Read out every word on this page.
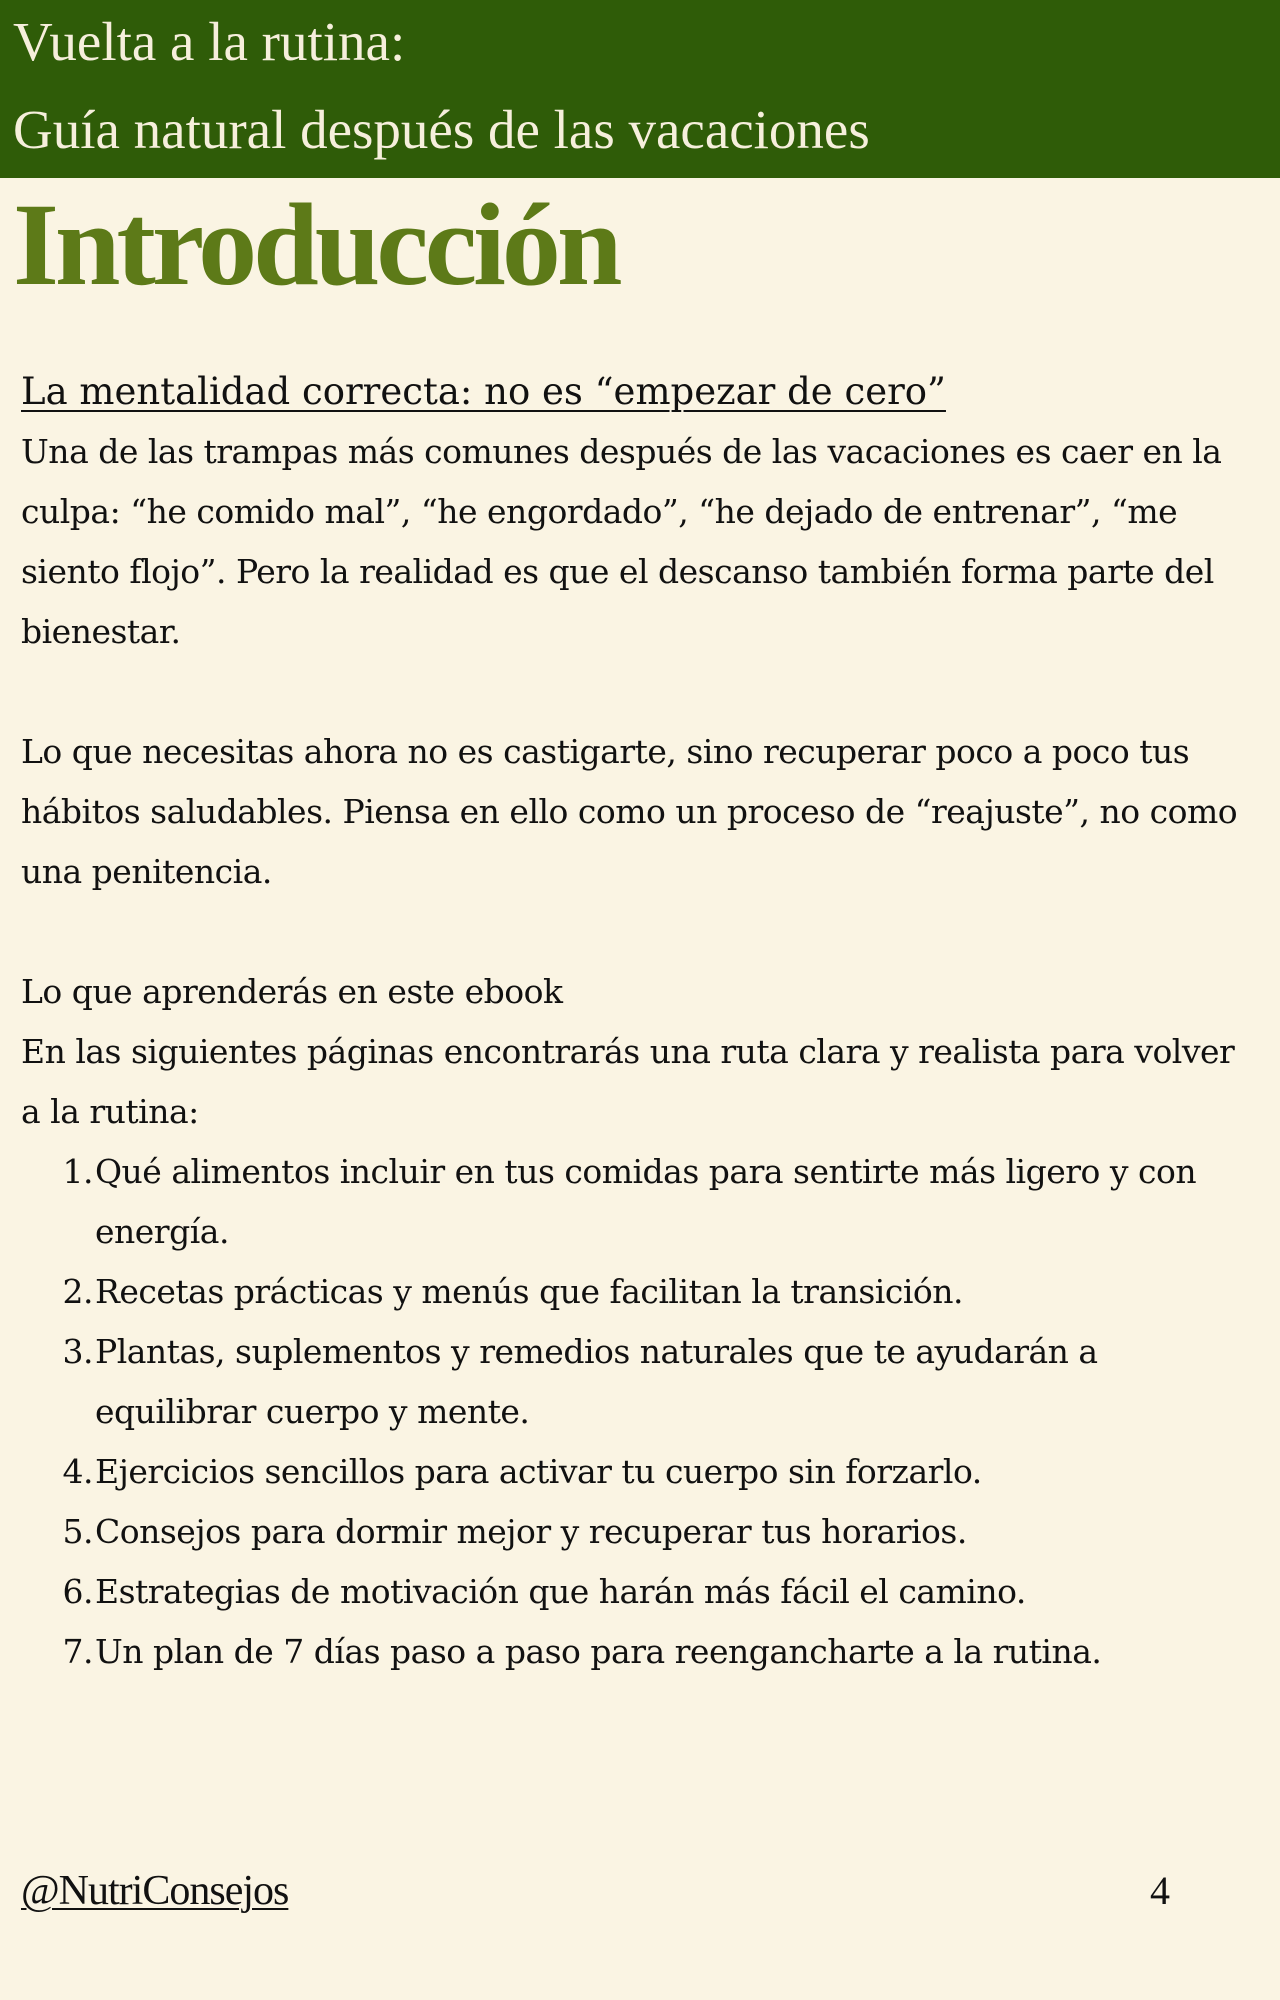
Vuelta a la rutina:
Guía natural después de las vacaciones
Introducción

La mentalidad correcta: no es “empezar de cero”

Una de las trampas más comunes después de las vacaciones es caer en la culpa: “he comido mal”, “he engordado”, “he dejado de entrenar”, “me siento flojo”. Pero la realidad es que el descanso también forma parte del bienestar.

Lo que necesitas ahora no es castigarte, sino recuperar poco a poco tus hábitos saludables. Piensa en ello como un proceso de “reajuste”, no como una penitencia.

Lo que aprenderás en este ebook

En las siguientes páginas encontrarás una ruta clara y realista para volver a la rutina:

1. Qué alimentos incluir en tus comidas para sentirte más ligero y con energía.
2. Recetas prácticas y menús que facilitan la transición.
3. Plantas, suplementos y remedios naturales que te ayudarán a equilibrar cuerpo y mente.
4. Ejercicios sencillos para activar tu cuerpo sin forzarlo.
5. Consejos para dormir mejor y recuperar tus horarios.
6. Estrategias de motivación que harán más fácil el camino.
7. Un plan de 7 días paso a paso para reengancharte a la rutina.
@NutriConsejos	4
